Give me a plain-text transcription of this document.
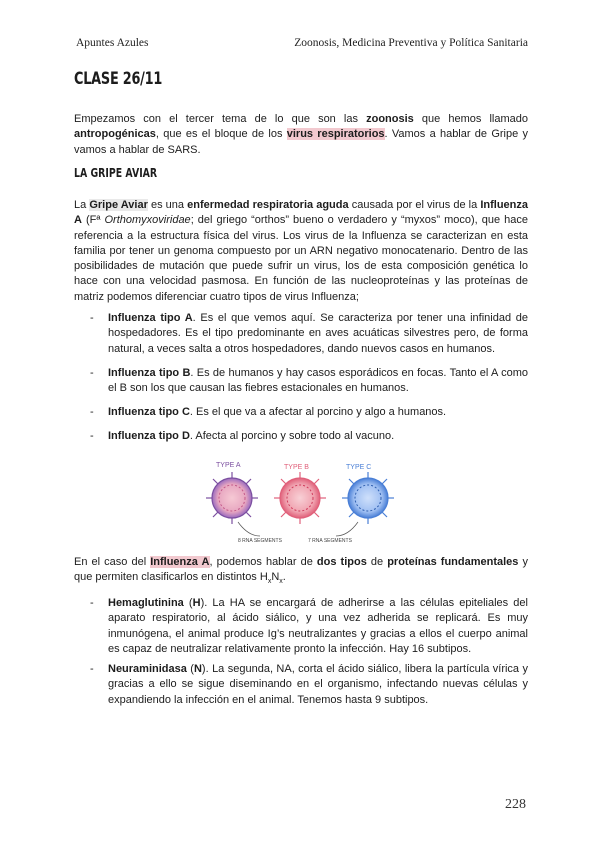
Apuntes Azules	Zoonosis, Medicina Preventiva y Política Sanitaria
CLASE 26/11

Empezamos con el tercer tema de lo que son las zoonosis que hemos llamado antropogénicas, que es el bloque de los virus respiratorios. Vamos a hablar de Gripe y vamos a hablar de SARS.

LA GRIPE AVIAR

La Gripe Aviar es una enfermedad respiratoria aguda causada por el virus de la Influenza A (Fª Orthomyxoviridae; del griego “orthos” bueno o verdadero y “myxos” moco), que hace referencia a la estructura física del virus. Los virus de la Influenza se caracterizan en esta familia por tener un genoma compuesto por un ARN negativo monocatenario. Dentro de las posibilidades de mutación que puede sufrir un virus, los de esta composición genética lo hace con una velocidad pasmosa. En función de las nucleoproteínas y las proteínas de matriz podemos diferenciar cuatro tipos de virus Influenza;

- Influenza tipo A. Es el que vemos aquí. Se caracteriza por tener una infinidad de hospedadores. Es el tipo predominante en aves acuáticas silvestres pero, de forma natural, a veces salta a otros hospedadores, dando nuevos casos en humanos.
- Influenza tipo B. Es de humanos y hay casos esporádicos en focas. Tanto el A como el B son los que causan las fiebres estacionales en humanos.
- Influenza tipo C. Es el que va a afectar al porcino y algo a humanos.
- Influenza tipo D. Afecta al porcino y sobre todo al vacuno.
TYPE A	TYPE B	TYPE C
8 RNA SEGMENTS	7 RNA SEGMENTS

En el caso del Influenza A, podemos hablar de dos tipos de proteínas fundamentales y que permiten clasificarlos en distintos $H_xN_x$.

- Hemaglutinina (H). La HA se encargará de adherirse a las células epiteliales del aparato respiratorio, al ácido siálico, y una vez adherida se replicará. Es muy inmunógena, el animal produce Ig’s neutralizantes y gracias a ellos el cuerpo animal es capaz de neutralizar relativamente pronto la infección. Hay 16 subtipos.
- Neuraminidasa (N). La segunda, NA, corta el ácido siálico, libera la partícula vírica y gracias a ello se sigue diseminando en el organismo, infectando nuevas células y expandiendo la infección en el animal. Tenemos hasta 9 subtipos.
228
